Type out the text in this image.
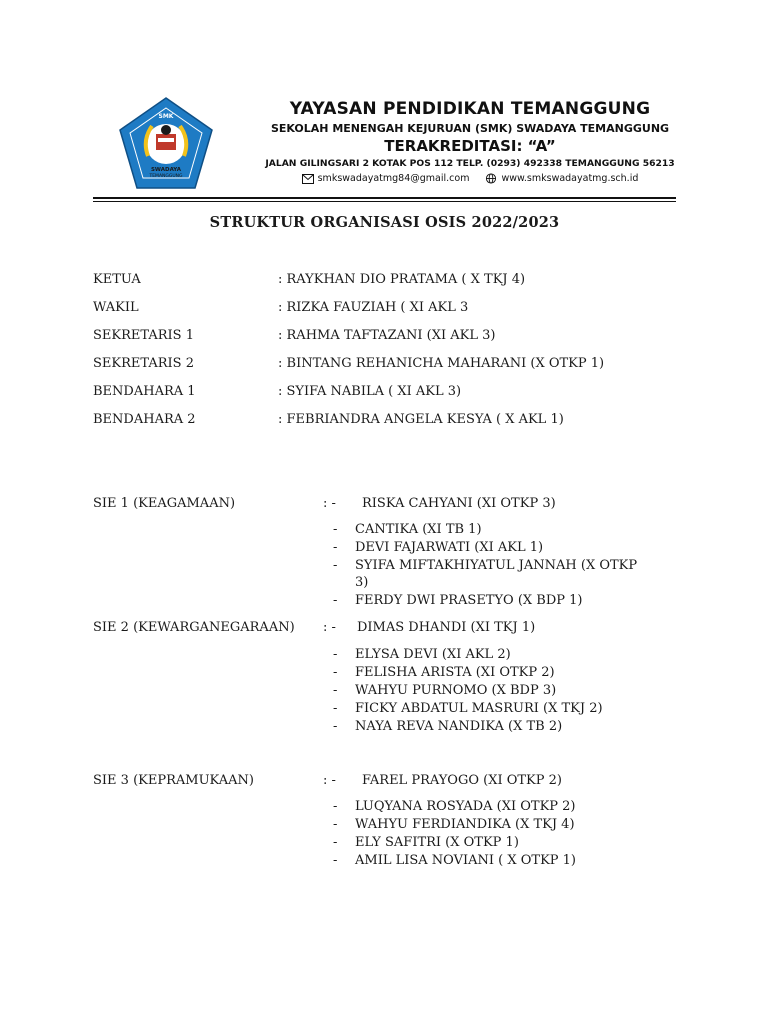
SMK
SWADAYA
TEMANGGUNG
YAYASAN PENDIDIKAN TEMANGGUNG
SEKOLAH MENENGAH KEJURUAN (SMK) SWADAYA TEMANGGUNG
TERAKREDITASI: “A”
JALAN GILINGSARI 2 KOTAK POS 112 TELP. (0293) 492338 TEMANGGUNG 56213
smkswadayatmg84@gmail.com	www.smkswadayatmg.sch.id
STRUKTUR ORGANISASI OSIS 2022/2023
KETUA	: RAYKHAN DIO PRATAMA ( X TKJ 4)
WAKIL	: RIZKA FAUZIAH ( XI AKL 3
SEKRETARIS 1	: RAHMA TAFTAZANI (XI AKL 3)
SEKRETARIS 2	: BINTANG REHANICHA MAHARANI (X OTKP 1)
BENDAHARA 1	: SYIFA NABILA ( XI AKL 3)
BENDAHARA 2	: FEBRIANDRA ANGELA KESYA ( X AKL 1)
SIE 1 (KEAGAMAAN)	: - RISKA CAHYANI (XI OTKP 3)
- CANTIKA (XI TB 1)
- DEVI FAJARWATI (XI AKL 1)
- SYIFA MIFTAKHIYATUL JANNAH (X OTKP
3)
- FERDY DWI PRASETYO (X BDP 1)
SIE 2 (KEWARGANEGARAAN) : - DIMAS DHANDI (XI TKJ 1)
- ELYSA DEVI (XI AKL 2)
- FELISHA ARISTA (XI OTKP 2)
- WAHYU PURNOMO (X BDP 3)
- FICKY ABDATUL MASRURI (X TKJ 2)
- NAYA REVA NANDIKA (X TB 2)
SIE 3 (KEPRAMUKAAN)	: - FAREL PRAYOGO (XI OTKP 2)
- LUQYANA ROSYADA (XI OTKP 2)
- WAHYU FERDIANDIKA (X TKJ 4)
- ELY SAFITRI (X OTKP 1)
- AMIL LISA NOVIANI ( X OTKP 1)
